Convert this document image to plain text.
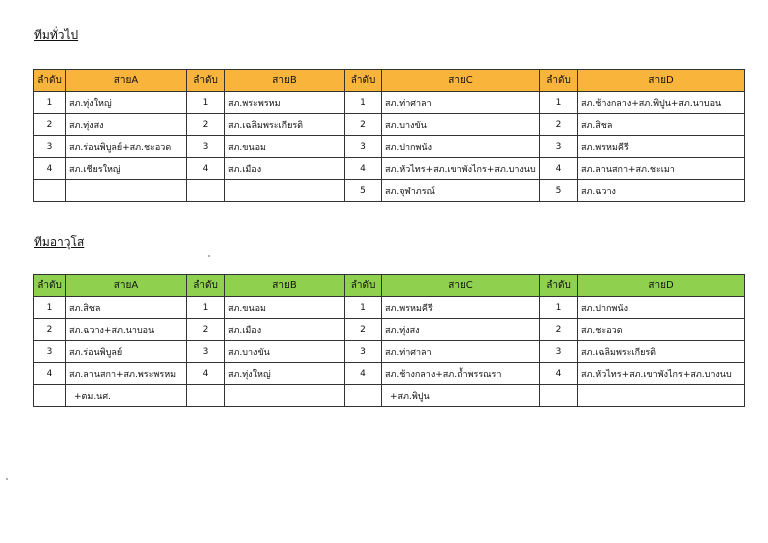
ทีมทั่วไป
ลำดับ	สายA	ลำดับ	สายB	ลำดับ	สายC	ลำดับ	สายD
1	สภ.ทุ่งใหญ่	1	สภ.พระพรหม	1	สภ.ท่าศาลา	1	สภ.ช้างกลาง+สภ.พิปูน+สภ.นาบอน
2	สภ.ทุ่งสง	2	สภ.เฉลิมพระเกียรติ	2	สภ.บางขัน	2	สภ.สิชล
3	สภ.ร่อนพิบูลย์+สภ.ชะอวด	3	สภ.ขนอม	3	สภ.ปากพนัง	3	สภ.พรหมคีรี
4	สภ.เชียรใหญ่	4	สภ.เมือง	4	สภ.หัวไทร+สภ.เขาพังไกร+สภ.บางนบ	4	สภ.ลานสกา+สภ.ชะเมา
				5	สภ.จุฬาภรณ์	5	สภ.ฉวาง
ทีมอาวุโส
ลำดับ	สายA	ลำดับ	สายB	ลำดับ	สายC	ลำดับ	สายD
1	สภ.สิชล	1	สภ.ขนอม	1	สภ.พรหมคีรี	1	สภ.ปากพนัง
2	สภ.ฉวาง+สภ.นาบอน	2	สภ.เมือง	2	สภ.ทุ่งสง	2	สภ.ชะอวด
3	สภ.ร่อนพิบูลย์	3	สภ.บางขัน	3	สภ.ท่าศาลา	3	สภ.เฉลิมพระเกียรติ
4	สภ.ลานสกา+สภ.พระพรหม	4	สภ.ทุ่งใหญ่	4	สภ.ช้างกลาง+สภ.ถ้ำพรรณรา	4	สภ.หัวไทร+สภ.เขาพังไกร+สภ.บางนบ
	+ตม.นศ.				+สภ.พิปูน		
